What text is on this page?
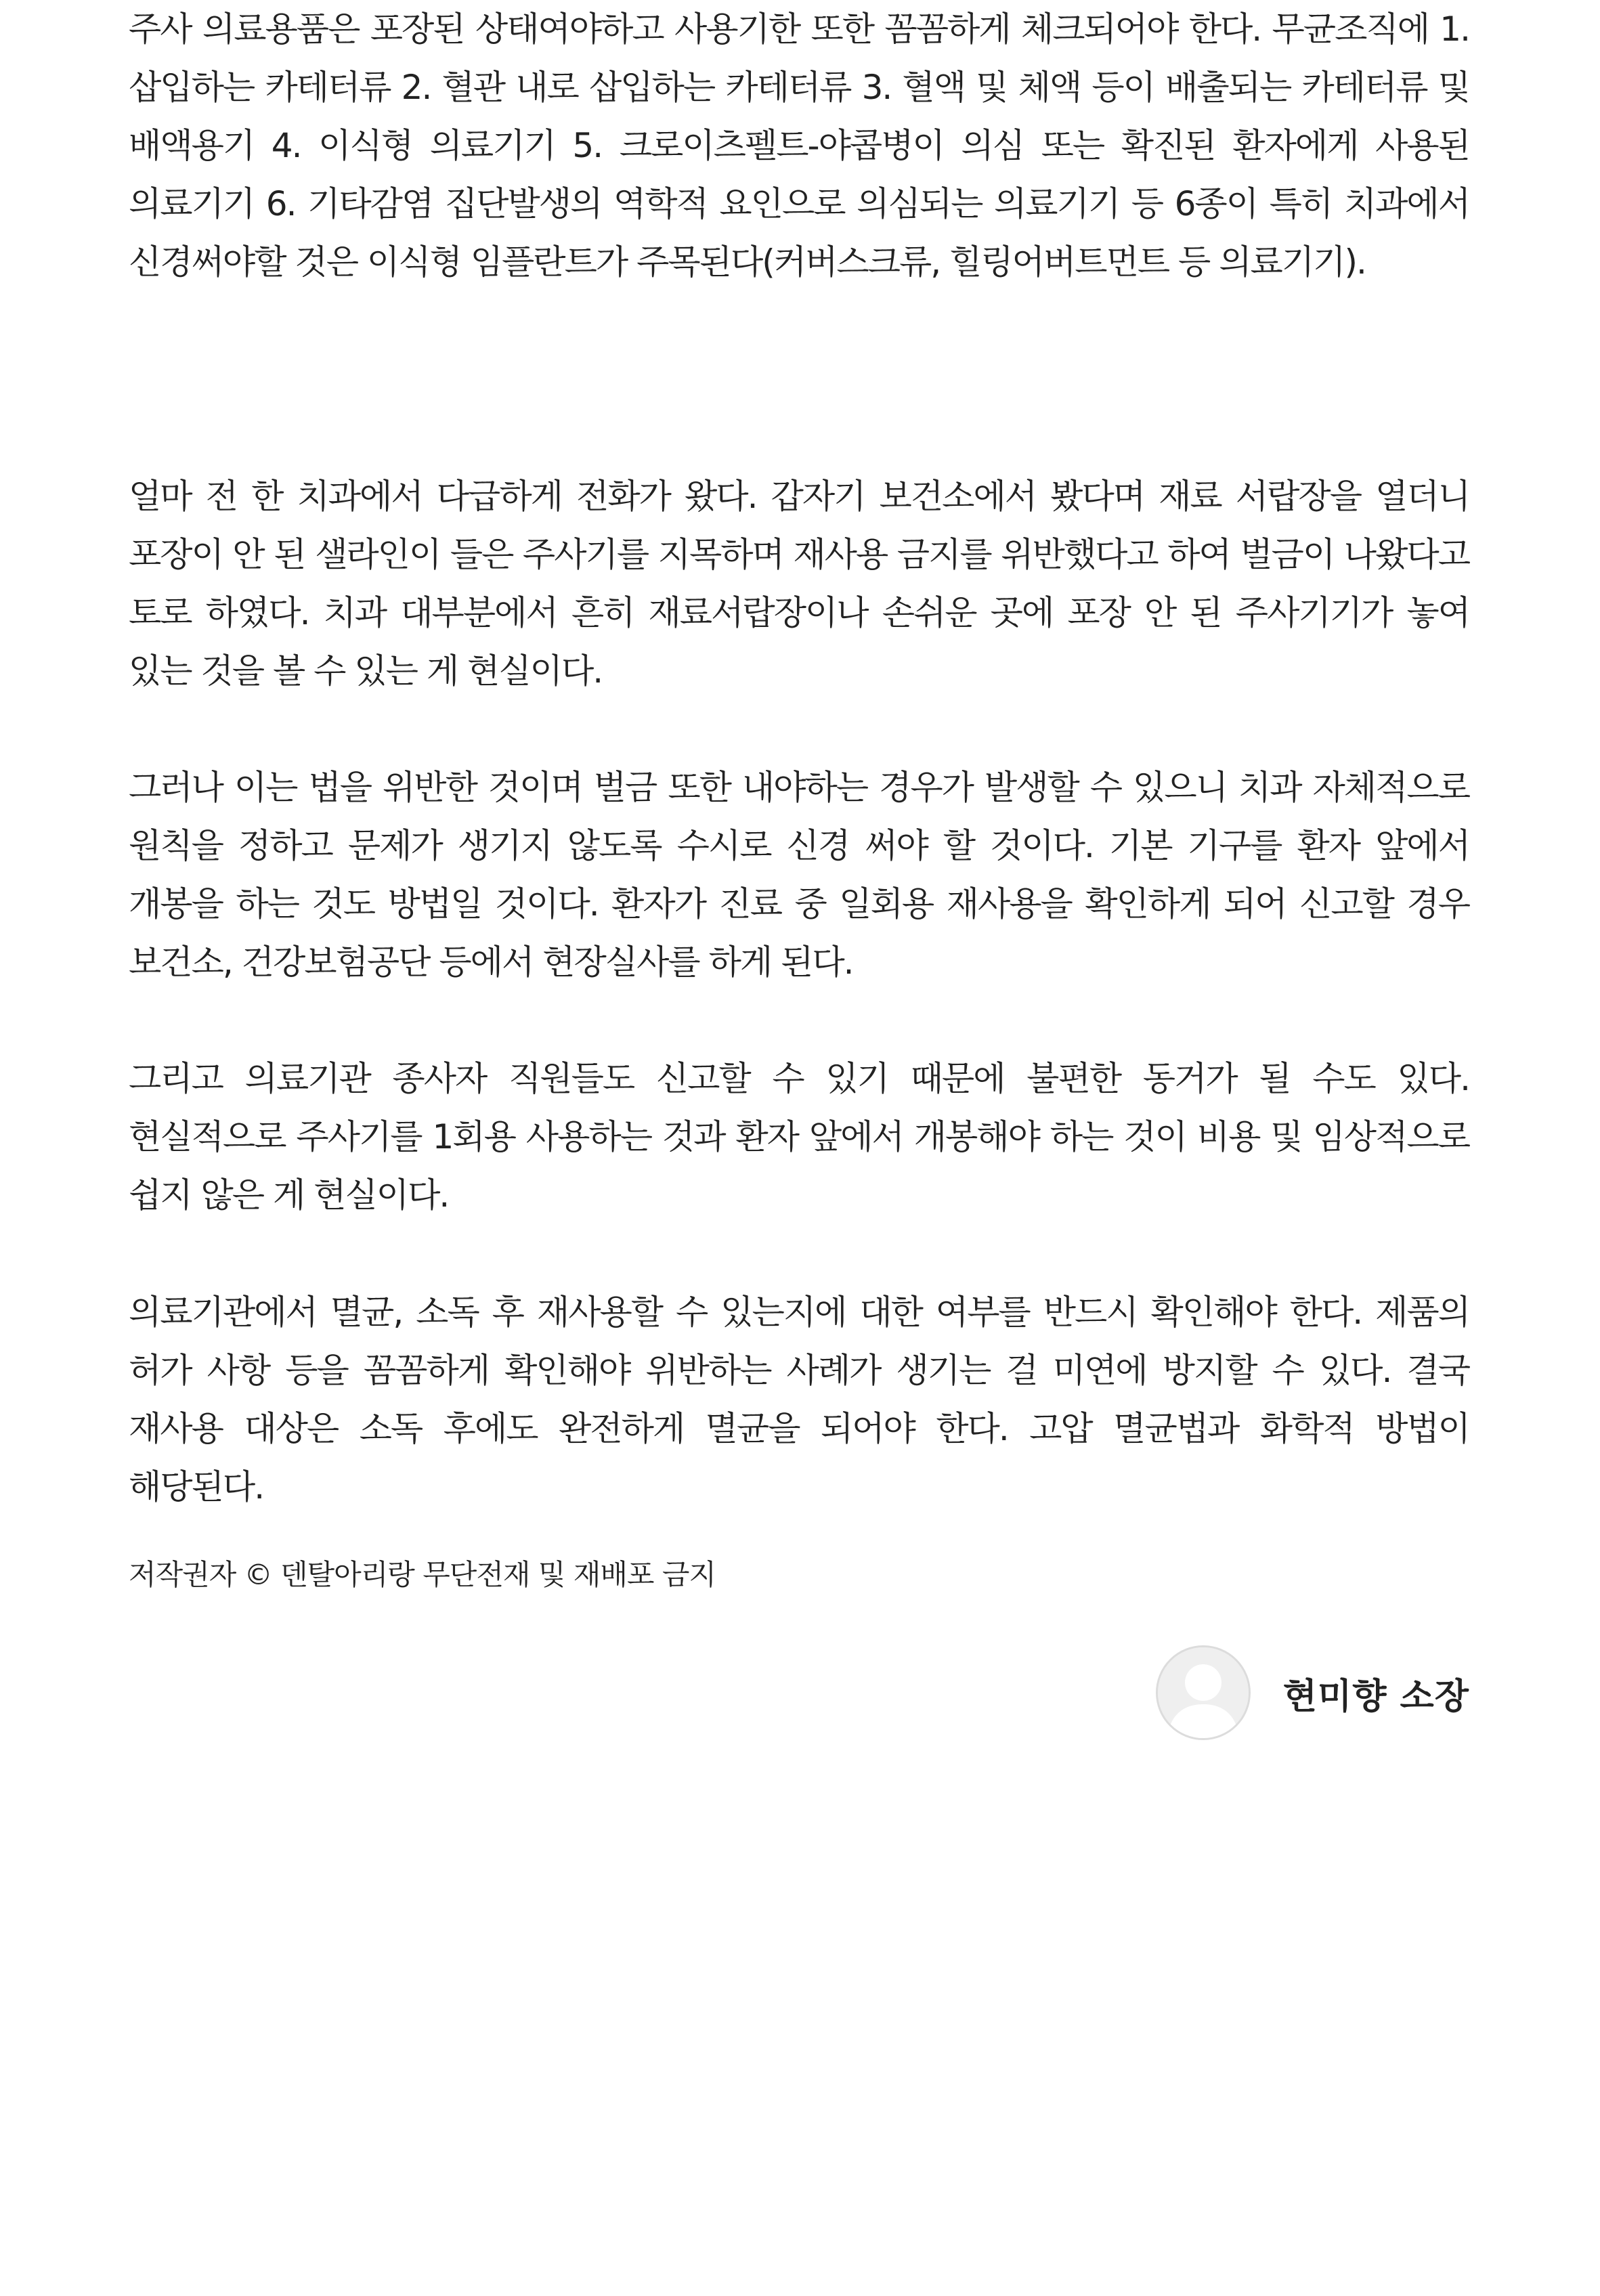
주사 의료용품은 포장된 상태여야하고 사용기한 또한 꼼꼼하게 체크되어야 한다. 무균조직에 1. 삽입하는 카테터류 2. 혈관 내로 삽입하는 카테터류 3. 혈액 및 체액 등이 배출되는 카테터류 및 배액용기 4. 이식형 의료기기 5. 크로이츠펠트-야콥병이 의심 또는 확진된 환자에게 사용된 의료기기 6. 기타감염 집단발생의 역학적 요인으로 의심되는 의료기기 등 6종이 특히 치과에서 신경써야할 것은 이식형 임플란트가 주목된다(커버스크류, 힐링어버트먼트 등 의료기기).

얼마 전 한 치과에서 다급하게 전화가 왔다. 갑자기 보건소에서 봤다며 재료 서랍장을 열더니 포장이 안 된 샐라인이 들은 주사기를 지목하며 재사용 금지를 위반했다고 하여 벌금이 나왔다고 토로 하였다. 치과 대부분에서 흔히 재료서랍장이나 손쉬운 곳에 포장 안 된 주사기기가 놓여 있는 것을 볼 수 있는 게 현실이다.

그러나 이는 법을 위반한 것이며 벌금 또한 내야하는 경우가 발생할 수 있으니 치과 자체적으로 원칙을 정하고 문제가 생기지 않도록 수시로 신경 써야 할 것이다. 기본 기구를 환자 앞에서 개봉을 하는 것도 방법일 것이다. 환자가 진료 중 일회용 재사용을 확인하게 되어 신고할 경우 보건소, 건강보험공단 등에서 현장실사를 하게 된다.

그리고 의료기관 종사자 직원들도 신고할 수 있기 때문에 불편한 동거가 될 수도 있다. 현실적으로 주사기를 1회용 사용하는 것과 환자 앞에서 개봉해야 하는 것이 비용 및 임상적으로 쉽지 않은 게 현실이다.

의료기관에서 멸균, 소독 후 재사용할 수 있는지에 대한 여부를 반드시 확인해야 한다. 제품의 허가 사항 등을 꼼꼼하게 확인해야 위반하는 사례가 생기는 걸 미연에 방지할 수 있다. 결국 재사용 대상은 소독 후에도 완전하게 멸균을 되어야 한다. 고압 멸균법과 화학적 방법이 해당된다.

저작권자 © 덴탈아리랑 무단전재 및 재배포 금지

현미향 소장
